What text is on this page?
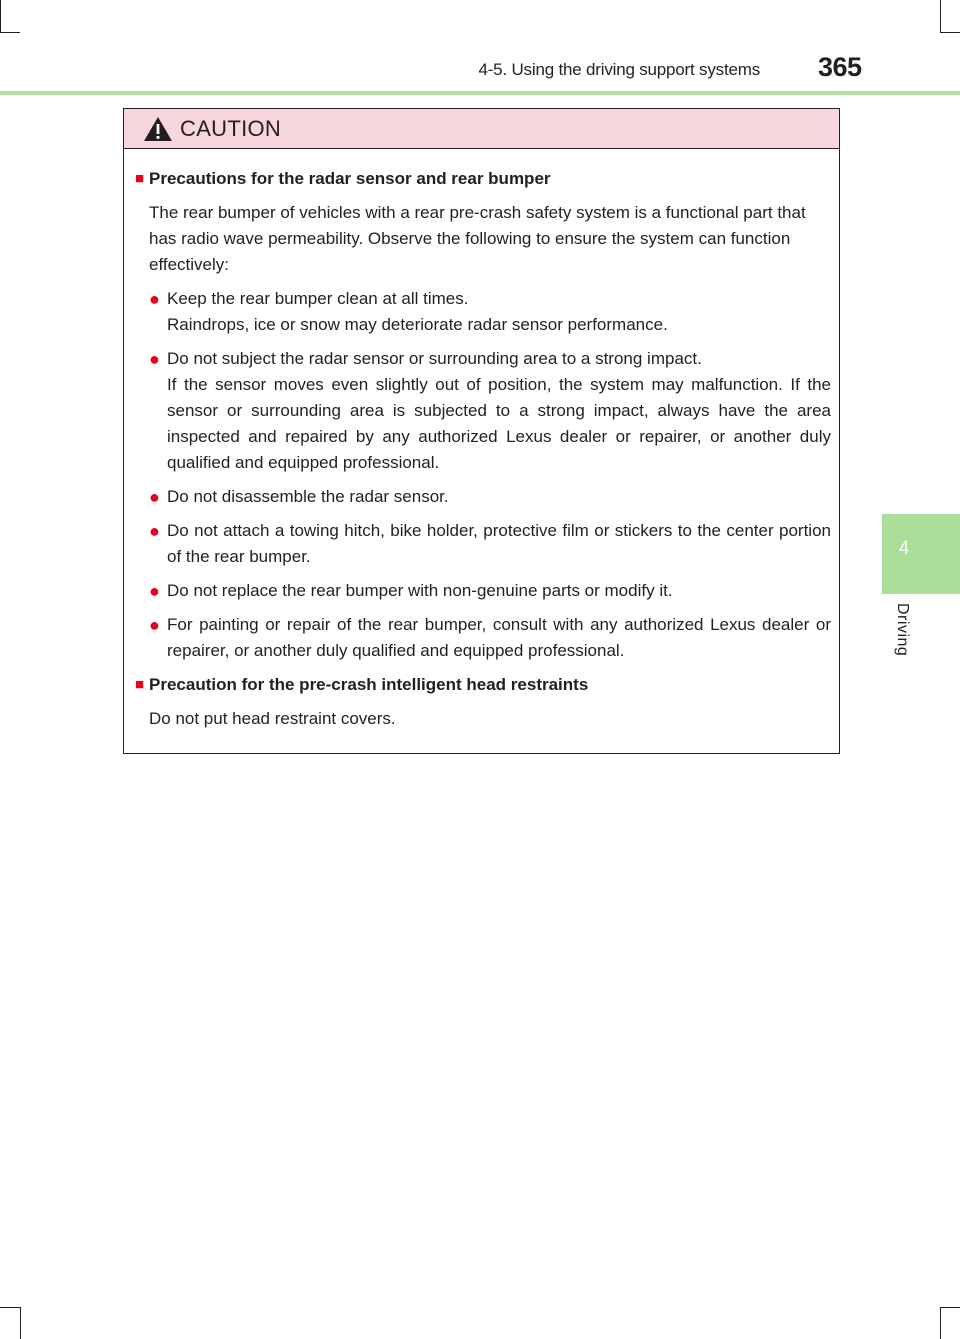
4-5. Using the driving support systems 365
4
Driving
CAUTION
■ Precautions for the radar sensor and rear bumper
The rear bumper of vehicles with a rear pre-crash safety system is a functional part that has radio wave permeability. Observe the following to ensure the system can function effectively:
● Keep the rear bumper clean at all times.
Raindrops, ice or snow may deteriorate radar sensor performance.
● Do not subject the radar sensor or surrounding area to a strong impact.
If the sensor moves even slightly out of position, the system may malfunction. If the sensor or surrounding area is subjected to a strong impact, always have the area inspected and repaired by any authorized Lexus dealer or repairer, or another duly qualified and equipped professional.
● Do not disassemble the radar sensor.
● Do not attach a towing hitch, bike holder, protective film or stickers to the center portion of the rear bumper.
● Do not replace the rear bumper with non-genuine parts or modify it.
● For painting or repair of the rear bumper, consult with any authorized Lexus dealer or repairer, or another duly qualified and equipped professional.
■ Precaution for the pre-crash intelligent head restraints
Do not put head restraint covers.
